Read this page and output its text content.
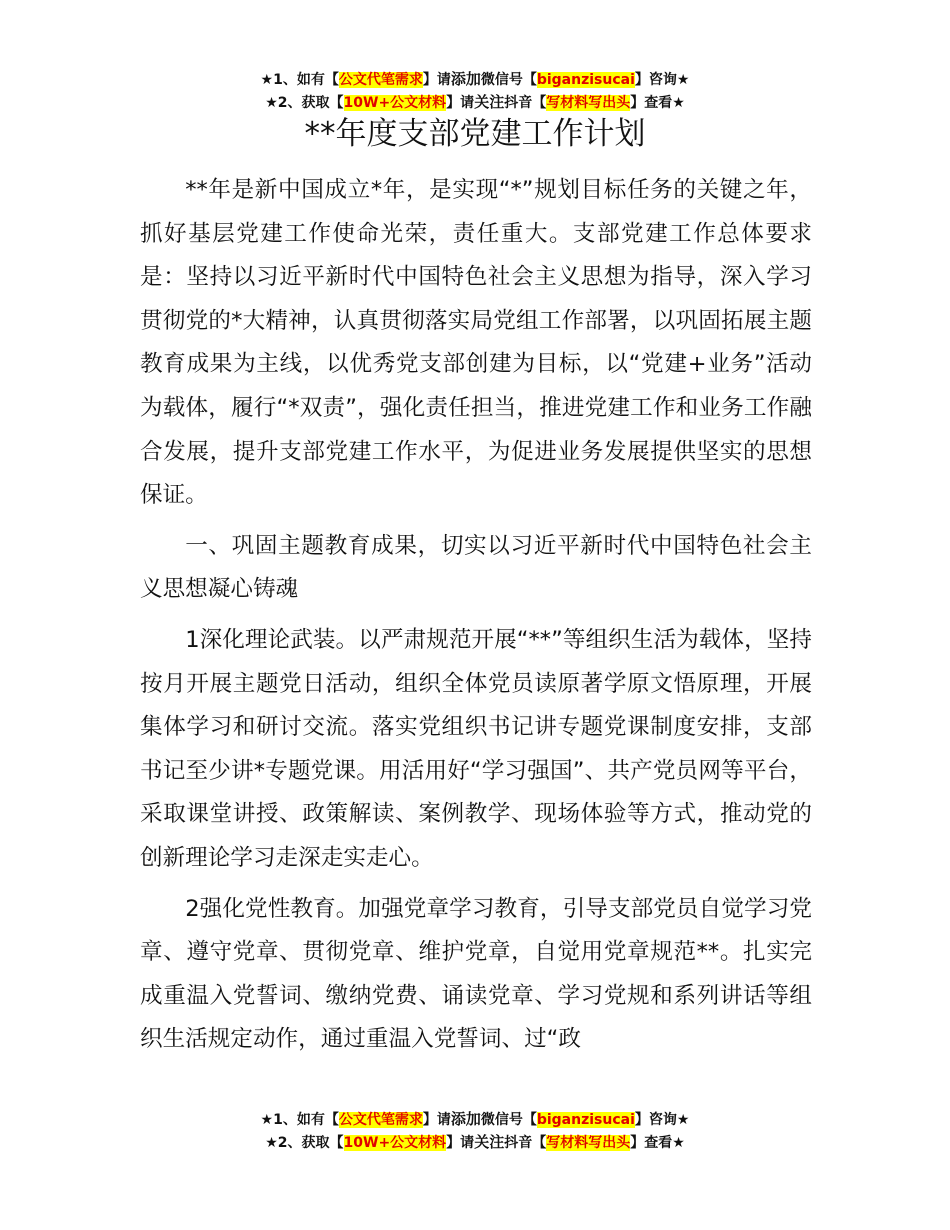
★1、如有【公文代笔需求】请添加微信号【biganzisucai】咨询★
★2、获取【10W+公文材料】请关注抖音【写材料写出头】查看★
**年度支部党建工作计划

**年是新中国成立*年，是实现“*”规划目标任务的关键之年，抓好基层党建工作使命光荣，责任重大。支部党建工作总体要求是：坚持以习近平新时代中国特色社会主义思想为指导，深入学习贯彻党的*大精神，认真贯彻落实局党组工作部署，以巩固拓展主题教育成果为主线，以优秀党支部创建为目标，以“党建+业务”活动为载体，履行“*双责”，强化责任担当，推进党建工作和业务工作融合发展，提升支部党建工作水平，为促进业务发展提供坚实的思想保证。

一、巩固主题教育成果，切实以习近平新时代中国特色社会主义思想凝心铸魂

1深化理论武装。以严肃规范开展“**”等组织生活为载体，坚持按月开展主题党日活动，组织全体党员读原著学原文悟原理，开展集体学习和研讨交流。落实党组织书记讲专题党课制度安排，支部书记至少讲*专题党课。用活用好“学习强国”、共产党员网等平台，采取课堂讲授、政策解读、案例教学、现场体验等方式，推动党的创新理论学习走深走实走心。

2强化党性教育。加强党章学习教育，引导支部党员自觉学习党章、遵守党章、贯彻党章、维护党章，自觉用党章规范**。扎实完成重温入党誓词、缴纳党费、诵读党章、学习党规和系列讲话等组织生活规定动作，通过重温入党誓词、过“政

★1、如有【公文代笔需求】请添加微信号【biganzisucai】咨询★
★2、获取【10W+公文材料】请关注抖音【写材料写出头】查看★
